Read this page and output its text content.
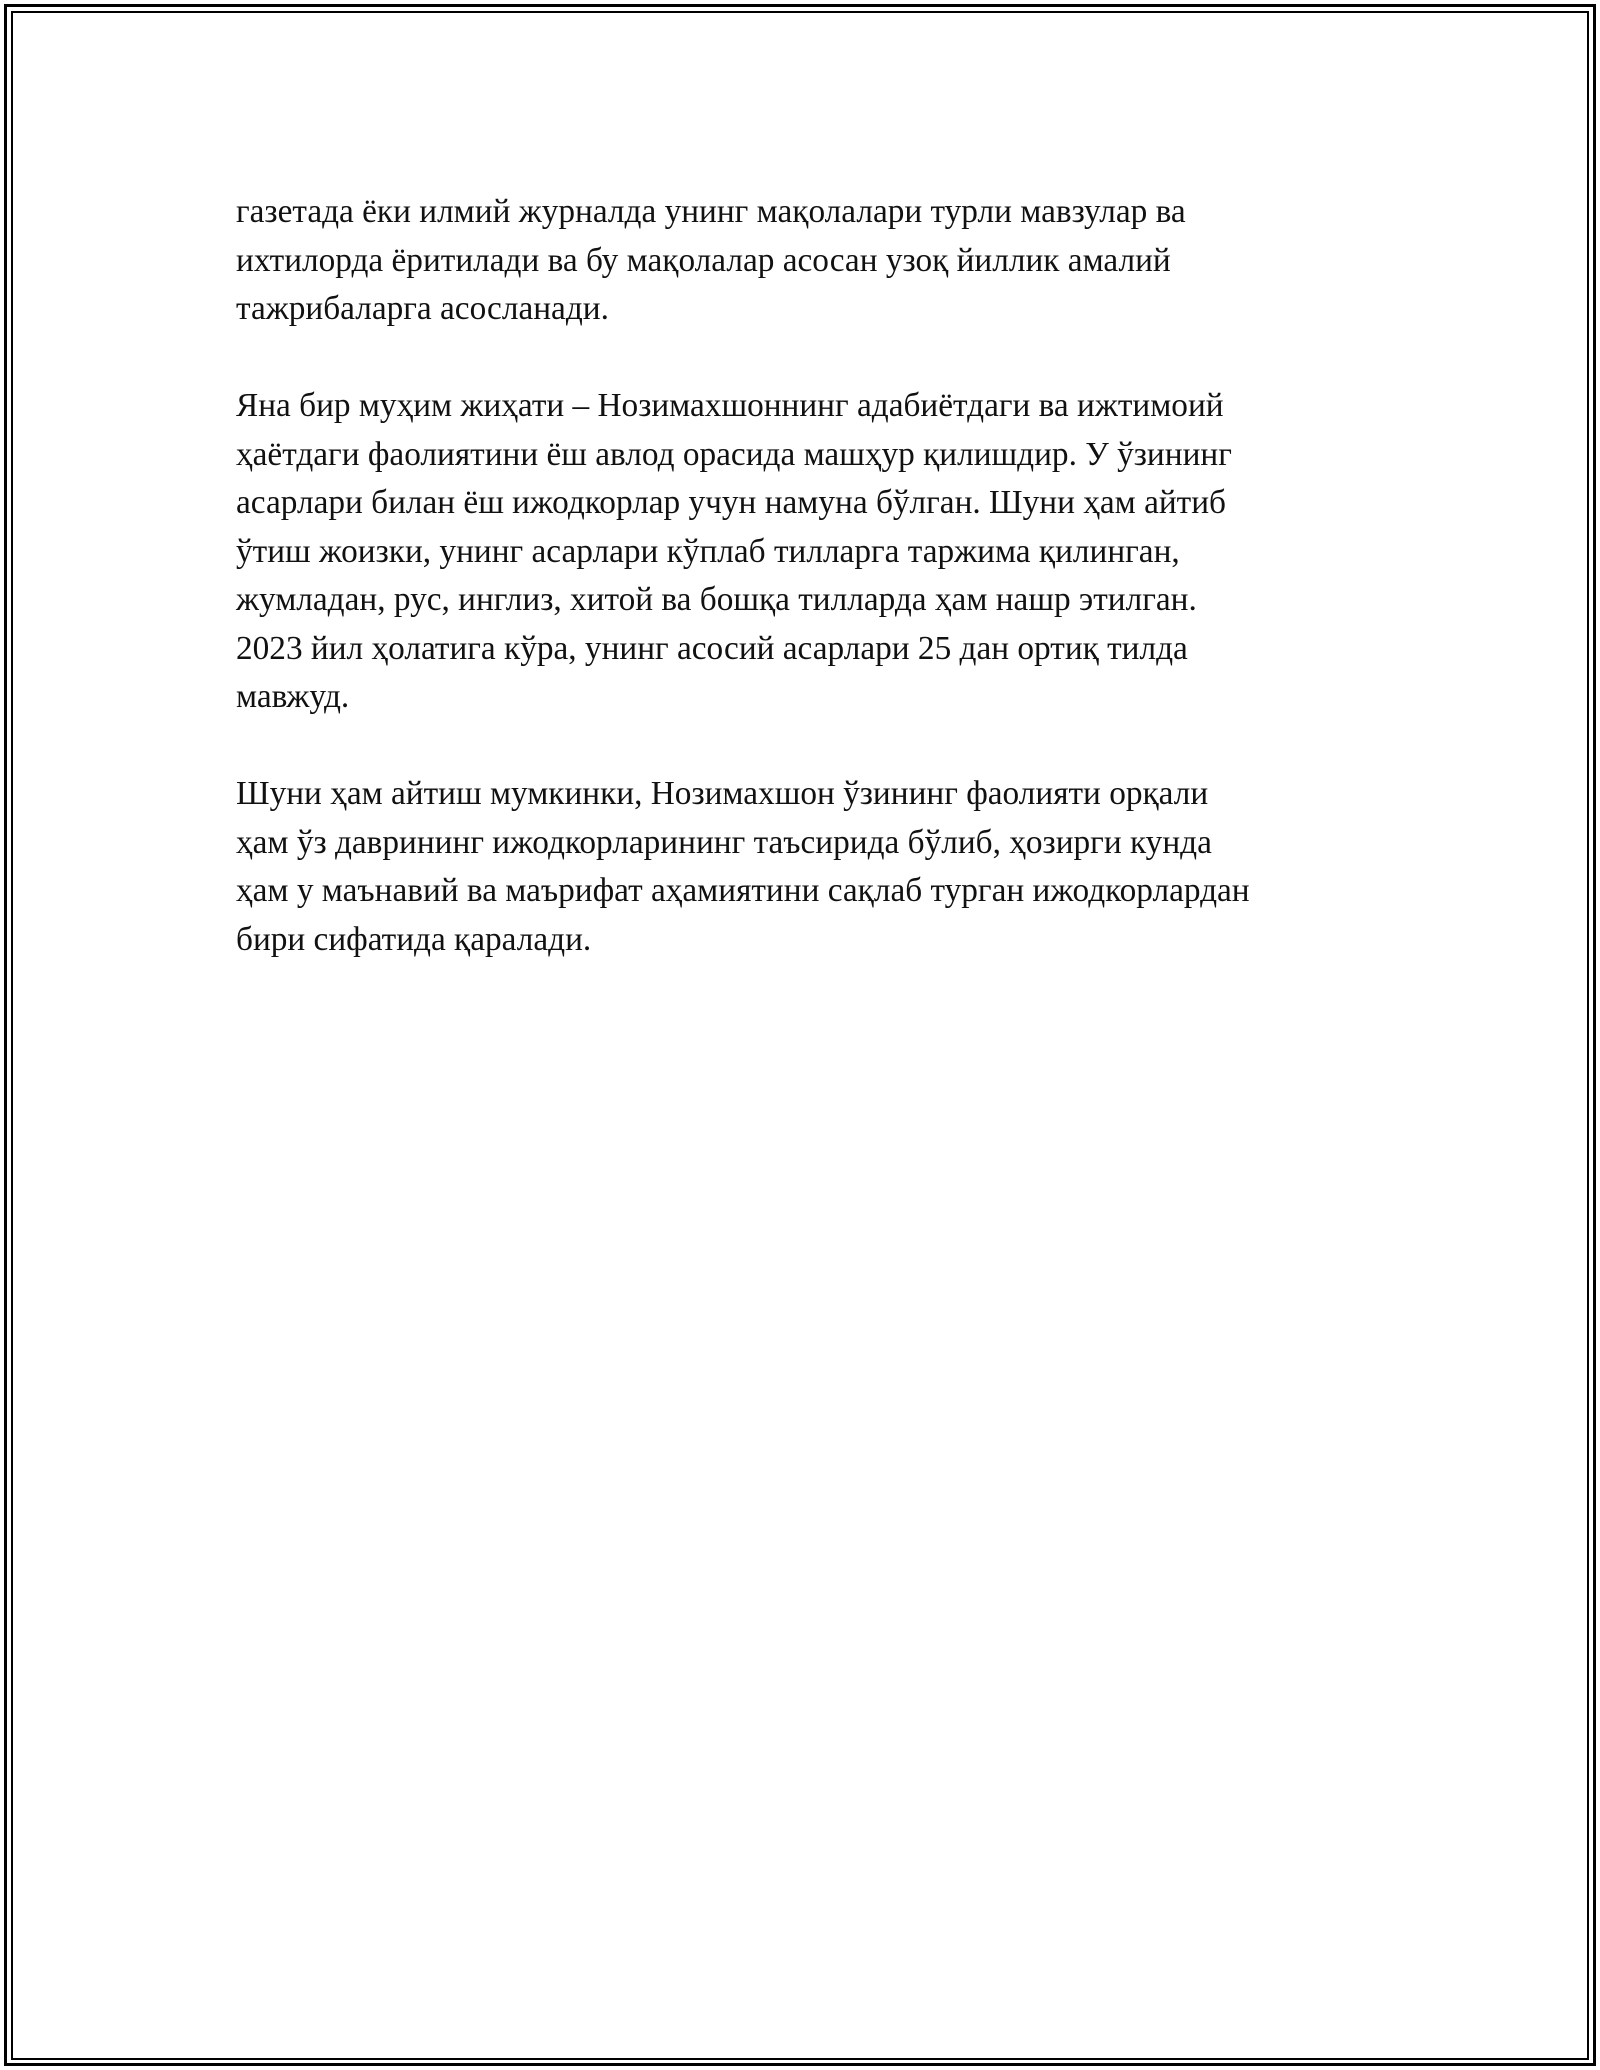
газетада ёки илмий журналда унинг мақолалари турли мавзулар ва
ихтилорда ёритилади ва бу мақолалар асосан узоқ йиллик амалий
тажрибаларга асосланади.

Яна бир муҳим жиҳати – Нозимахшоннинг адабиётдаги ва ижтимоий
ҳаётдаги фаолиятини ёш авлод орасида машҳур қилишдир. У ўзининг
асарлари билан ёш ижодкорлар учун намуна бўлган. Шуни ҳам айтиб
ўтиш жоизки, унинг асарлари кўплаб тилларга таржима қилинган,
жумладан, рус, инглиз, хитой ва бошқа тилларда ҳам нашр этилган.
2023 йил ҳолатига кўра, унинг асосий асарлари 25 дан ортиқ тилда
мавжуд.

Шуни ҳам айтиш мумкинки, Нозимахшон ўзининг фаолияти орқали
ҳам ўз даврининг ижодкорларининг таъсирида бўлиб, ҳозирги кунда
ҳам у маънавий ва маърифат аҳамиятини сақлаб турган ижодкорлардан
бири сифатида қаралади.
